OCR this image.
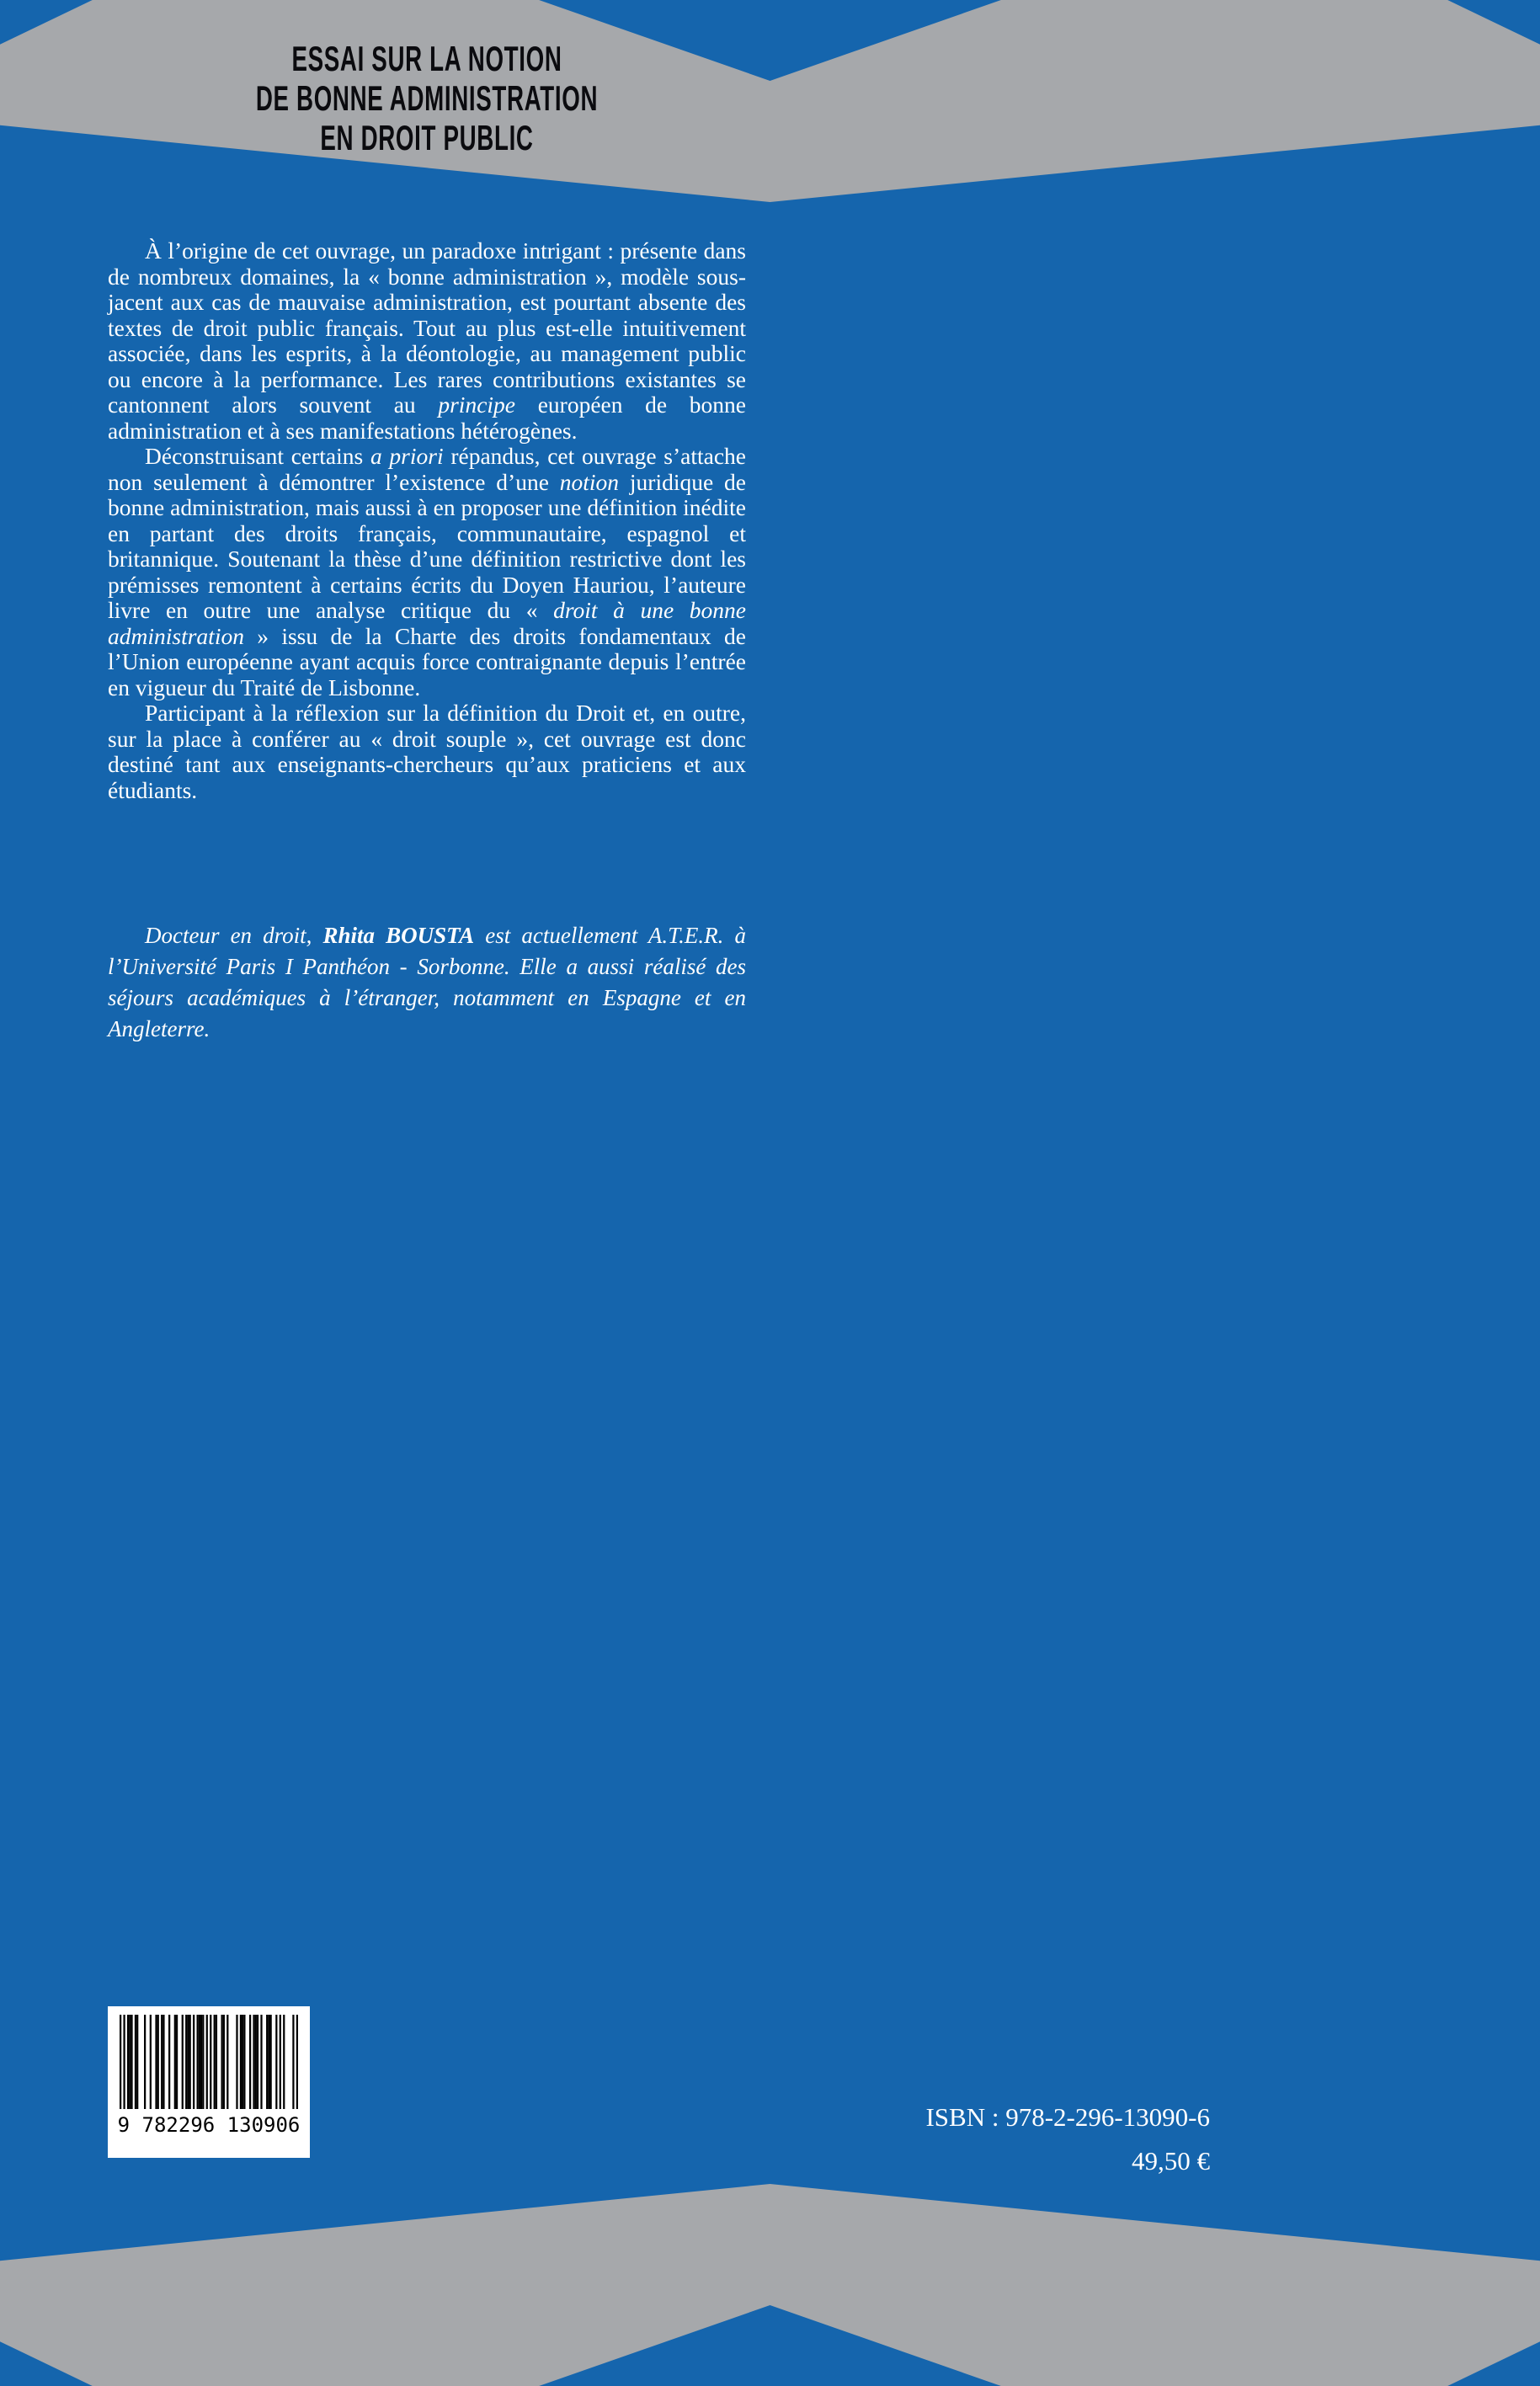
ESSAI SUR LA NOTION
DE BONNE ADMINISTRATION
EN DROIT PUBLIC

À l’origine de cet ouvrage, un paradoxe intrigant : présente dans de nombreux domaines, la « bonne administration », modèle sous-jacent aux cas de mauvaise administration, est pourtant absente des textes de droit public français. Tout au plus est-elle intuitivement associée, dans les esprits, à la déontologie, au management public ou encore à la performance. Les rares contributions existantes se cantonnent alors souvent au principe européen de bonne administration et à ses manifestations hétérogènes.

Déconstruisant certains a priori répandus, cet ouvrage s’attache non seulement à démontrer l’existence d’une notion juridique de bonne administration, mais aussi à en proposer une définition inédite en partant des droits français, communautaire, espagnol et britannique. Soutenant la thèse d’une définition restrictive dont les prémisses remontent à certains écrits du Doyen Hauriou, l’auteure livre en outre une analyse critique du « droit à une bonne administration » issu de la Charte des droits fondamentaux de l’Union européenne ayant acquis force contraignante depuis l’entrée en vigueur du Traité de Lisbonne.

Participant à la réflexion sur la définition du Droit et, en outre, sur la place à conférer au « droit souple », cet ouvrage est donc destiné tant aux enseignants-chercheurs qu’aux praticiens et aux étudiants.

Docteur en droit, Rhita BOUSTA est actuellement A.T.E.R. à l’Université Paris I Panthéon - Sorbonne. Elle a aussi réalisé des séjours académiques à l’étranger, notamment en Espagne et en Angleterre.
9 782296 130906	ISBN : 978-2-296-13090-6
49,50 €
